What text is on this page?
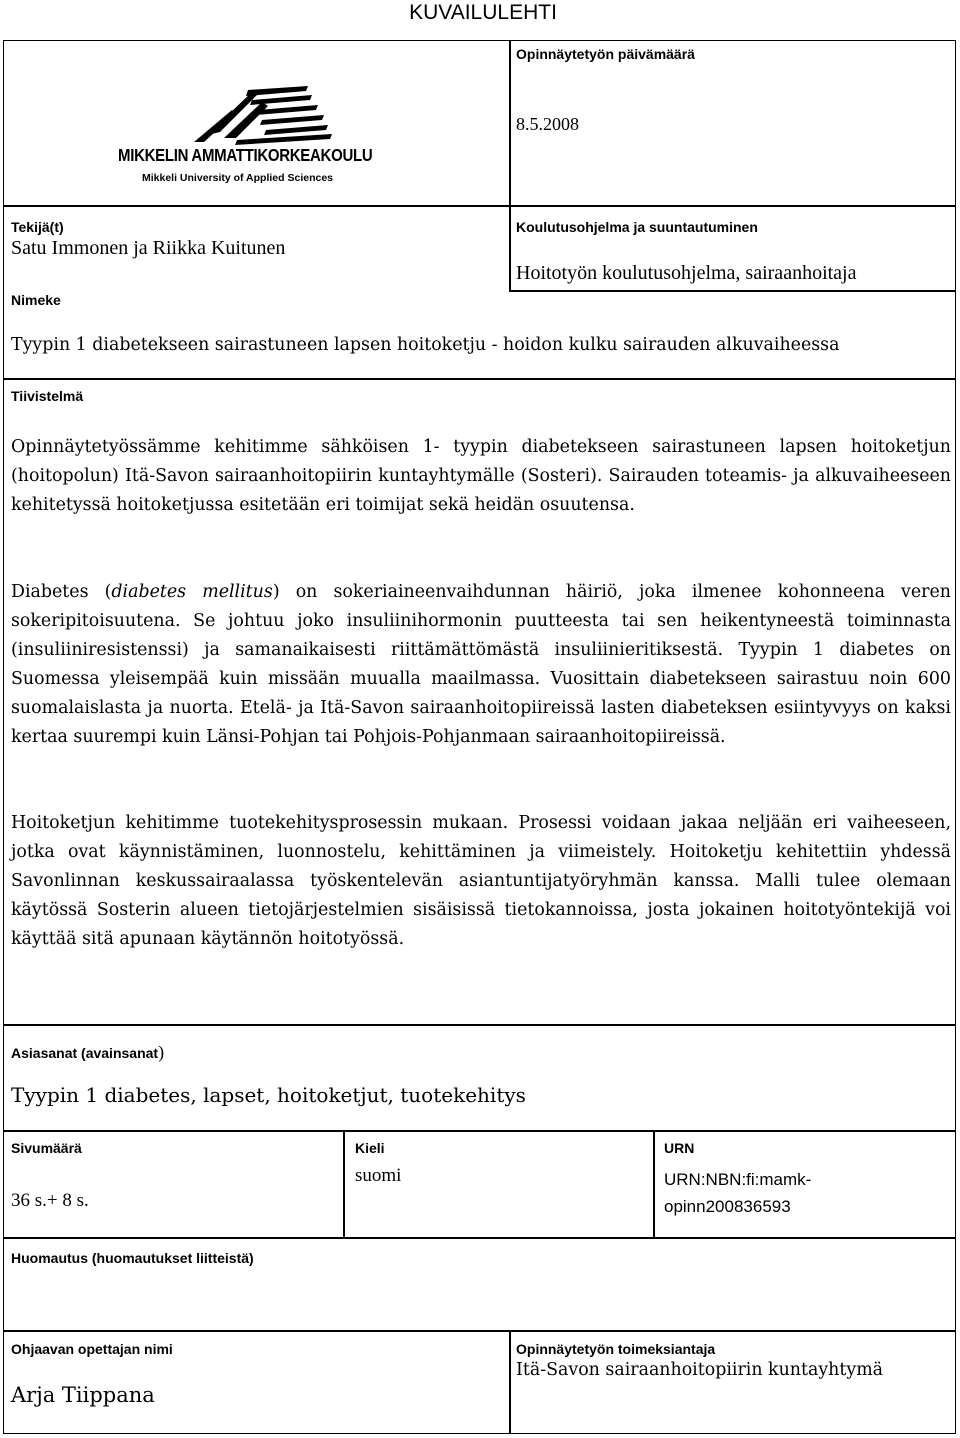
KUVAILULEHTI
MIKKELIN AMMATTIKORKEAKOULU
Mikkeli University of Applied Sciences
Opinnäytetyön päivämäärä
8.5.2008
Tekijä(t)
Satu Immonen ja Riikka Kuitunen
Koulutusohjelma ja suuntautuminen
Hoitotyön koulutusohjelma, sairaanhoitaja
Nimeke
Tyypin 1 diabetekseen sairastuneen lapsen hoitoketju - hoidon kulku sairauden alkuvaiheessa
Tiivistelmä

Opinnäytetyössämme kehitimme sähköisen 1- tyypin diabetekseen sairastuneen lapsen hoitoketjun (hoitopolun) Itä-Savon sairaanhoitopiirin kuntayhtymälle (Sosteri). Sairauden toteamis- ja alkuvaiheeseen kehitetyssä hoitoketjussa esitetään eri toimijat sekä heidän osuutensa.

Diabetes (diabetes mellitus) on sokeriaineenvaihdunnan häiriö, joka ilmenee kohonneena veren sokeripitoisuutena. Se johtuu joko insuliinihormonin puutteesta tai sen heikentyneestä toiminnasta (insuliiniresistenssi) ja samanaikaisesti riittämättömästä insuliinieritiksestä. Tyypin 1 diabetes on Suomessa yleisempää kuin missään muualla maailmassa. Vuosittain diabetekseen sairastuu noin 600 suomalaislasta ja nuorta. Etelä- ja Itä-Savon sairaanhoitopiireissä lasten diabeteksen esiintyvyys on kaksi kertaa suurempi kuin Länsi-Pohjan tai Pohjois-Pohjanmaan sairaanhoitopiireissä.

Hoitoketjun kehitimme tuotekehitysprosessin mukaan. Prosessi voidaan jakaa neljään eri vaiheeseen, jotka ovat käynnistäminen, luonnostelu, kehittäminen ja viimeistely. Hoitoketju kehitettiin yhdessä Savonlinnan keskussairaalassa työskentelevän asiantuntijatyöryhmän kanssa. Malli tulee olemaan käytössä Sosterin alueen tietojärjestelmien sisäisissä tietokannoissa, josta jokainen hoitotyöntekijä voi käyttää sitä apunaan käytännön hoitotyössä.

Asiasanat (avainsanat)
Tyypin 1 diabetes, lapset, hoitoketjut, tuotekehitys
Sivumäärä
36 s.+ 8 s.
Kieli
suomi
URN
URN:NBN:fi:mamk-
opinn200836593
Huomautus (huomautukset liitteistä)
Ohjaavan opettajan nimi
Arja Tiippana
Opinnäytetyön toimeksiantaja
Itä-Savon sairaanhoitopiirin kuntayhtymä
